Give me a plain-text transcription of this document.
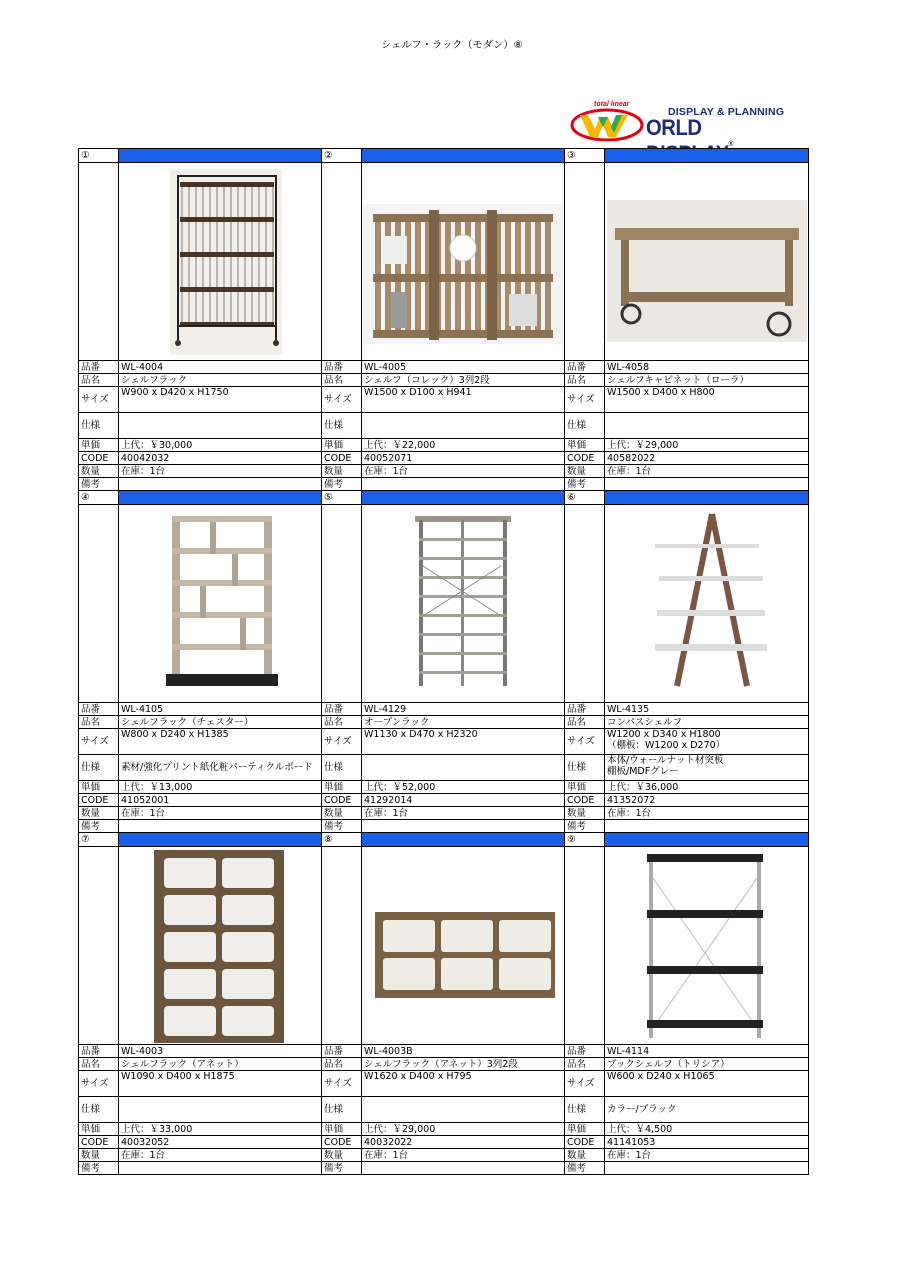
シェルフ・ラック（モダン）⑧
total linear
DISPLAY & PLANNING
ORLD ®
①		②		③	

品番	WL-4004	品番	WL-4005	品番	WL-4058
品名	シェルフラック	品名	シェルフ（コレック）3列2段	品名	シェルフキャビネット（ローラ）
サイズ	W900 x D420 x H1750	サイズ	W1500 x D100 x H941	サイズ	W1500 x D400 x H800

仕様		仕様		仕様	

単価	上代：￥30,000	単価	上代：￥22,000	単価	上代：￥29,000
CODE	40042032	CODE	40052071	CODE	40582022
数量	在庫：1台	数量	在庫：1台	数量	在庫：1台
備考		備考		備考	
④		⑤		⑥	

品番	WL-4105	品番	WL-4129	品番	WL-4135
品名	シェルフラック（チェスター）	品名	オープンラック	品名	コンパスシェルフ
サイズ	W800 x D240 x H1385	サイズ	W1130 x D470 x H2320	サイズ	W1200 x D340 x H1800
（棚板：W1200 x D270）

仕様	素材/強化プリント紙化粧パーティクルボード	仕様		仕様	本体/ウォールナット材突板
棚板/MDFグレー

単価	上代：￥13,000	単価	上代：￥52,000	単価	上代：￥36,000
CODE	41052001	CODE	41292014	CODE	41352072
数量	在庫：1台	数量	在庫：1台	数量	在庫：1台
備考		備考		備考	
⑦		⑧		⑨	

品番	WL-4003	品番	WL-4003B	品番	WL-4114
品名	シェルフラック（アネット）	品名	シェルフラック（アネット）3列2段	品名	ブックシェルフ（トリシア）
サイズ	W1090 x D400 x H1875	サイズ	W1620 x D400 x H795	サイズ	W600 x D240 x H1065

仕様		仕様		仕様	カラー/ブラック

単価	上代：￥33,000	単価	上代：￥29,000	単価	上代：￥4,500
CODE	40032052	CODE	40032022	CODE	41141053
数量	在庫：1台	数量	在庫：1台	数量	在庫：1台
備考		備考		備考	
